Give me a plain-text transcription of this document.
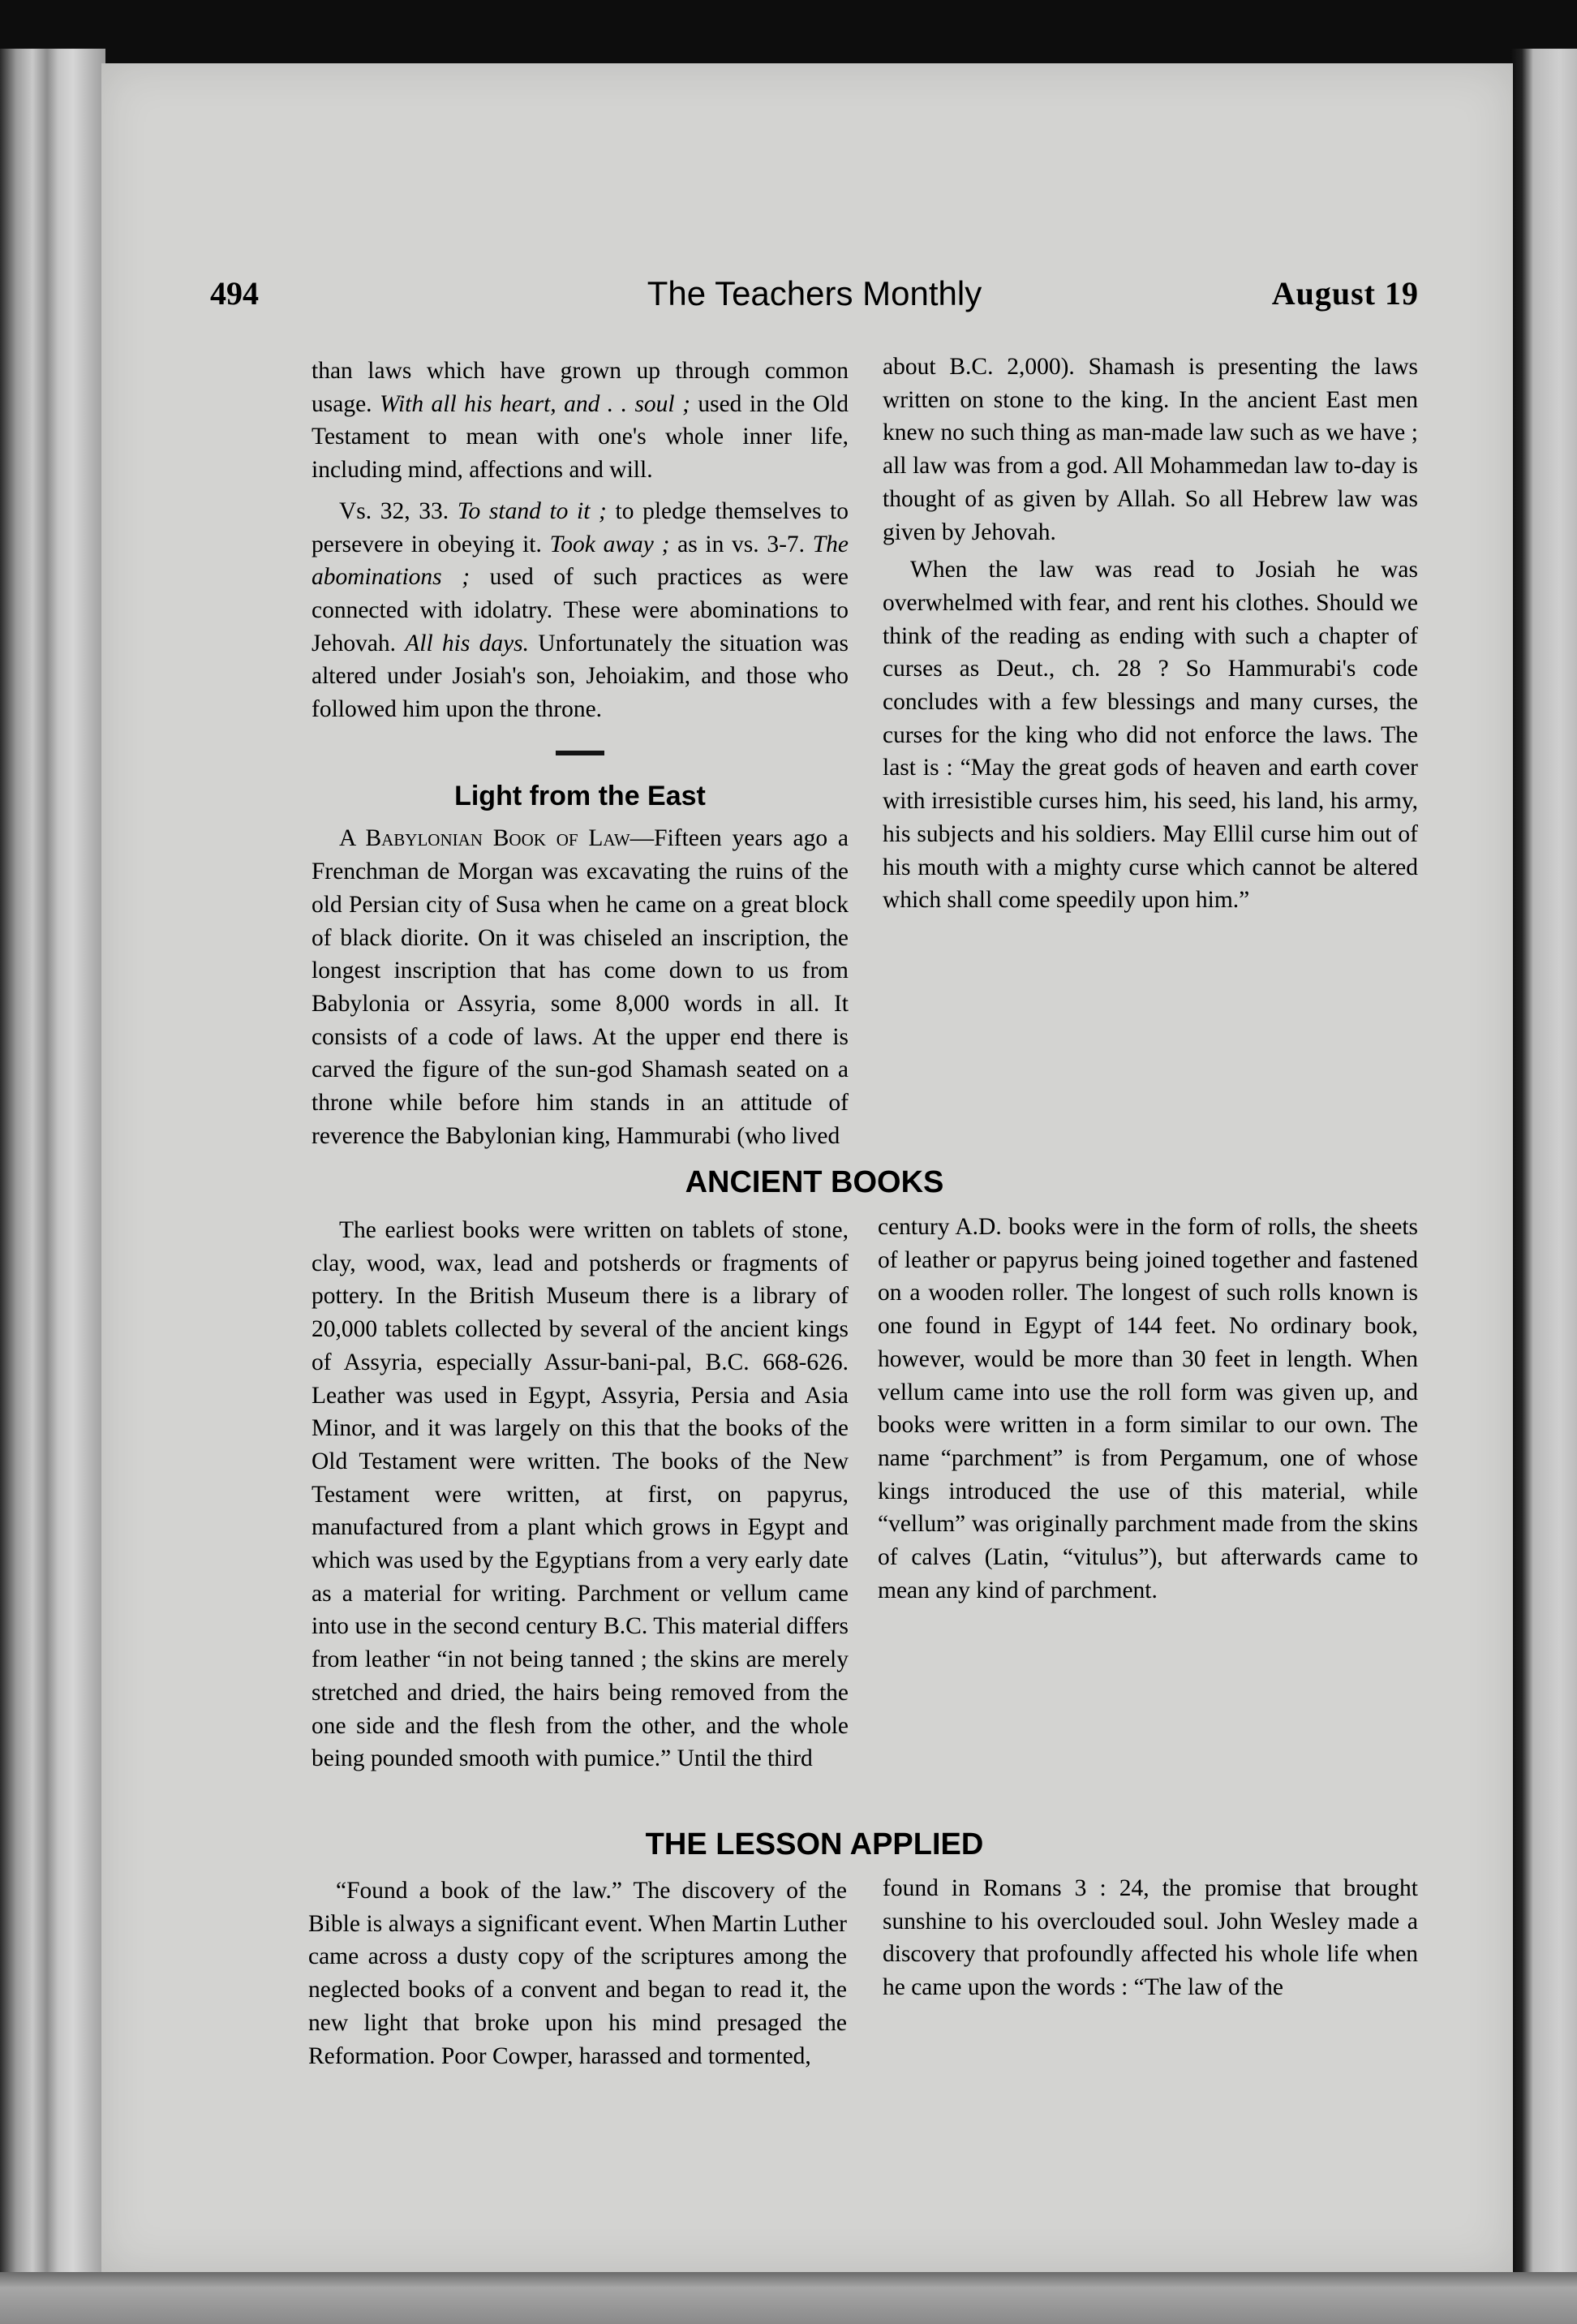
494	The Teachers Monthly	August 19

than laws which have grown up through common usage. With all his heart, and . . soul ; used in the Old Testament to mean with one's whole inner life, including mind, affections and will.

Vs. 32, 33. To stand to it ; to pledge themselves to persevere in obeying it. Took away ; as in vs. 3-7. The abominations ; used of such practices as were connected with idolatry. These were abominations to Jehovah. All his days. Unfortunately the situation was altered under Josiah's son, Jehoiakim, and those who followed him upon the throne.

Light from the East

A Babylonian Book of Law—Fifteen years ago a Frenchman de Morgan was excavating the ruins of the old Persian city of Susa when he came on a great block of black diorite. On it was chiseled an inscription, the longest inscription that has come down to us from Babylonia or Assyria, some 8,000 words in all. It consists of a code of laws. At the upper end there is carved the figure of the sun-god Shamash seated on a throne while before him stands in an attitude of reverence the Babylonian king, Hammurabi (who lived

about B.C. 2,000). Shamash is presenting the laws written on stone to the king. In the ancient East men knew no such thing as man-made law such as we have ; all law was from a god. All Mohammedan law to-day is thought of as given by Allah. So all Hebrew law was given by Jehovah.

When the law was read to Josiah he was overwhelmed with fear, and rent his clothes. Should we think of the reading as ending with such a chapter of curses as Deut., ch. 28 ? So Hammurabi's code concludes with a few blessings and many curses, the curses for the king who did not enforce the laws. The last is : “May the great gods of heaven and earth cover with irresistible curses him, his seed, his land, his army, his subjects and his soldiers. May Ellil curse him out of his mouth with a mighty curse which cannot be altered which shall come speedily upon him.”

ANCIENT BOOKS

The earliest books were written on tablets of stone, clay, wood, wax, lead and potsherds or fragments of pottery. In the British Museum there is a library of 20,000 tablets collected by several of the ancient kings of Assyria, especially Assur-bani-pal, B.C. 668-626. Leather was used in Egypt, Assyria, Persia and Asia Minor, and it was largely on this that the books of the Old Testament were written. The books of the New Testament were written, at first, on papyrus, manufactured from a plant which grows in Egypt and which was used by the Egyptians from a very early date as a material for writing. Parchment or vellum came into use in the second century B.C. This material differs from leather “in not being tanned ; the skins are merely stretched and dried, the hairs being removed from the one side and the flesh from the other, and the whole being pounded smooth with pumice.” Until the third

century A.D. books were in the form of rolls, the sheets of leather or papyrus being joined together and fastened on a wooden roller. The longest of such rolls known is one found in Egypt of 144 feet. No ordinary book, however, would be more than 30 feet in length. When vellum came into use the roll form was given up, and books were written in a form similar to our own. The name “parchment” is from Pergamum, one of whose kings introduced the use of this material, while “vellum” was originally parchment made from the skins of calves (Latin, “vitulus”), but afterwards came to mean any kind of parchment.

THE LESSON APPLIED

“Found a book of the law.” The discovery of the Bible is always a significant event. When Martin Luther came across a dusty copy of the scriptures among the neglected books of a convent and began to read it, the new light that broke upon his mind presaged the Reformation. Poor Cowper, harassed and tormented,

found in Romans 3 : 24, the promise that brought sunshine to his overclouded soul. John Wesley made a discovery that profoundly affected his whole life when he came upon the words : “The law of the
